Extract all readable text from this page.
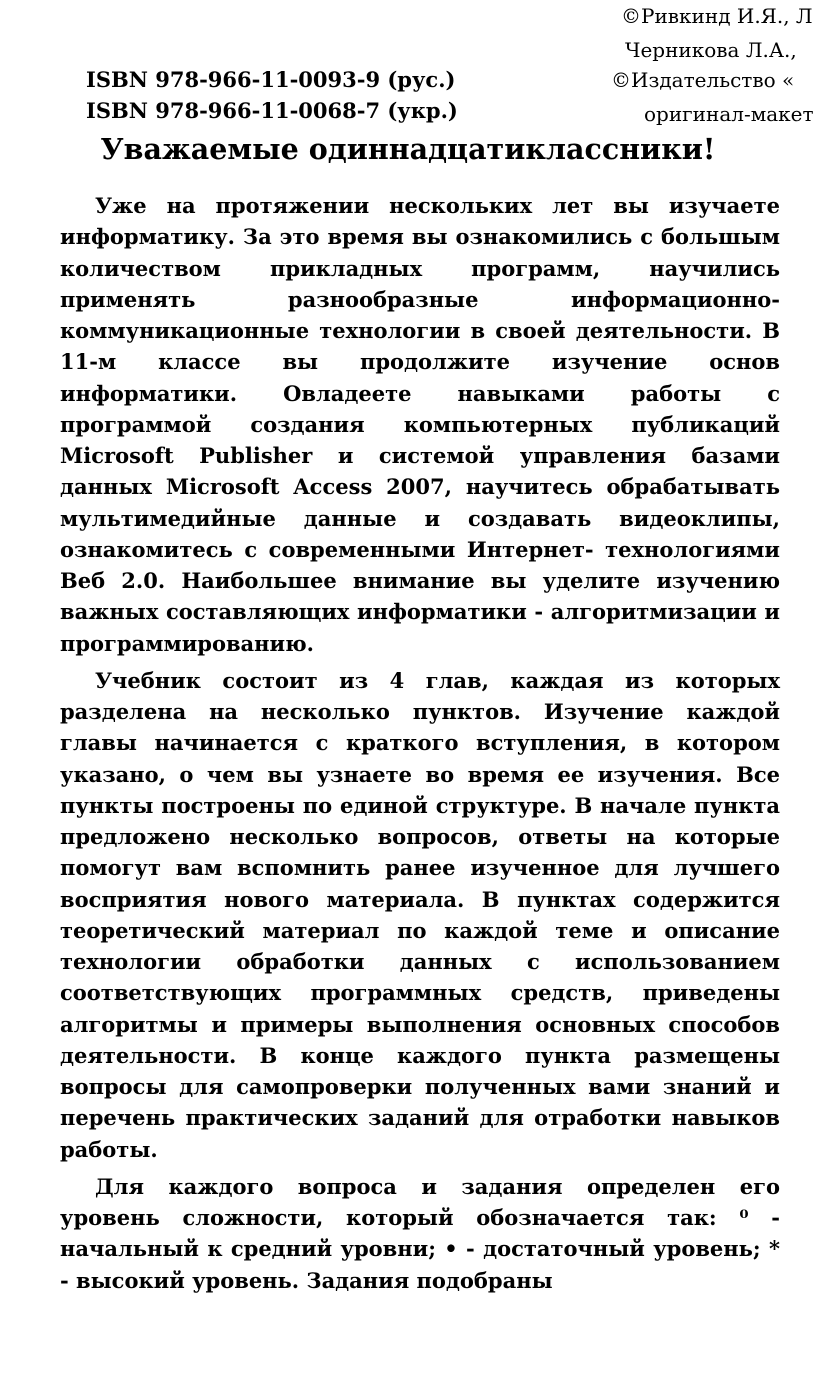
©Ривкинд И.Я., Л
Черникова Л.А.,
©Издательство «
оригинал-макет
ISBN 978-966-11-0093-9 (рус.)
ISBN 978-966-11-0068-7 (укр.)
Уважаемые одиннадцатиклассники!

Уже на протяжении нескольких лет вы изучаете информатику. За это время вы ознакомились с большым количеством прикладных программ, научились применять разнообразные информационно-коммуникационные технологии в своей деятельности. В 11-м классе вы продолжите изучение основ информатики. Овладеете навыками работы с программой создания компьютерных публикаций Microsoft Publisher и системой управления базами данных Microsoft Access 2007, научитесь обрабатывать мультимедийные данные и создавать видеоклипы, ознакомитесь с современными Интернет- технологиями Веб 2.0. Наибольшее внимание вы уделите изучению важных составляющих информатики - алгоритмизации и программированию.

Учебник состоит из 4 глав, каждая из которых разделена на несколько пунктов. Изучение каждой главы начинается с краткого вступления, в котором указано, о чем вы узнаете во время ее изучения. Все пункты построены по единой структуре. В начале пункта предложено несколько вопросов, ответы на которые помогут вам вспомнить ранее изученное для лучшего восприятия нового материала. В пунктах содержится теоретический материал по каждой теме и описание технологии обработки данных с использованием соответствующих программных средств, приведены алгоритмы и примеры выполнения основных способов деятельности. В конце каждого пункта размещены вопросы для самопроверки полученных вами знаний и перечень практических заданий для отработки навыков работы.

Для каждого вопроса и задания определен его уровень сложности, который обозначается так: ⁰ - начальный к средний уровни; • - достаточный уровень; * - высокий уровень. Задания подобраны
